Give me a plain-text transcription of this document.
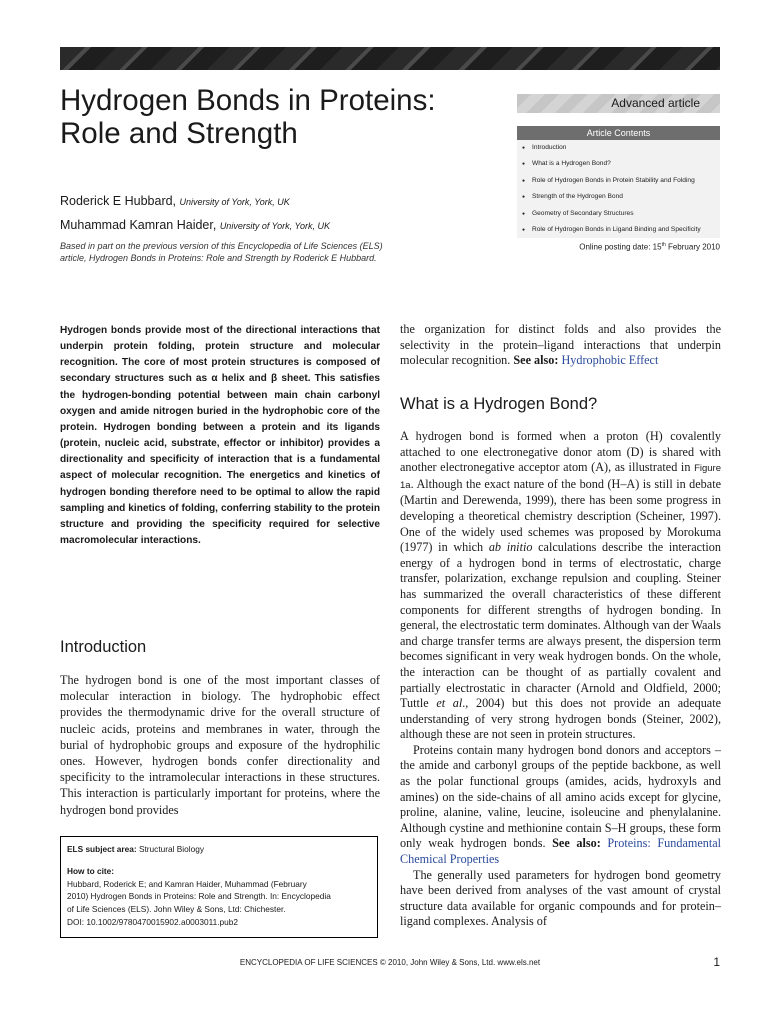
Hydrogen Bonds in Proteins: Role and Strength
Roderick E Hubbard, University of York, York, UK
Muhammad Kamran Haider, University of York, York, UK
Based in part on the previous version of this Encyclopedia of Life Sciences (ELS) article, Hydrogen Bonds in Proteins: Role and Strength by Roderick E Hubbard.
Advanced article
Article Contents
● Introduction
● What is a Hydrogen Bond?
● Role of Hydrogen Bonds in Protein Stability and Folding
● Strength of the Hydrogen Bond
● Geometry of Secondary Structures
● Role of Hydrogen Bonds in Ligand Binding and Specificity
Online posting date: 15th February 2010

Hydrogen bonds provide most of the directional interactions that underpin protein folding, protein structure and molecular recognition. The core of most protein structures is composed of secondary structures such as α helix and β sheet. This satisfies the hydrogen-bonding potential between main chain carbonyl oxygen and amide nitrogen buried in the hydrophobic core of the protein. Hydrogen bonding between a protein and its ligands (protein, nucleic acid, substrate, effector or inhibitor) provides a directionality and specificity of interaction that is a fundamental aspect of molecular recognition. The energetics and kinetics of hydrogen bonding therefore need to be optimal to allow the rapid sampling and kinetics of folding, conferring stability to the protein structure and providing the specificity required for selective macromolecular interactions.

Introduction

The hydrogen bond is one of the most important classes of molecular interaction in biology. The hydrophobic effect provides the thermodynamic drive for the overall structure of nucleic acids, proteins and membranes in water, through the burial of hydrophobic groups and exposure of the hydrophilic ones. However, hydrogen bonds confer directionality and specificity to the intramolecular interactions in these structures. This interaction is particularly important for proteins, where the hydrogen bond provides

ELS subject area: Structural Biology

How to cite:

Hubbard, Roderick E; and Kamran Haider, Muhammad (February

2010) Hydrogen Bonds in Proteins: Role and Strength. In: Encyclopedia

of Life Sciences (ELS). John Wiley & Sons, Ltd: Chichester.

DOI: 10.1002/9780470015902.a0003011.pub2

the organization for distinct folds and also provides the selectivity in the protein–ligand interactions that underpin molecular recognition. See also: Hydrophobic Effect

What is a Hydrogen Bond?

A hydrogen bond is formed when a proton (H) covalently attached to one electronegative donor atom (D) is shared with another electronegative acceptor atom (A), as illustrated in Figure 1a. Although the exact nature of the bond (H–A) is still in debate (Martin and Derewenda, 1999), there has been some progress in developing a theoretical chemistry description (Scheiner, 1997). One of the widely used schemes was proposed by Morokuma (1977) in which ab initio calculations describe the interaction energy of a hydrogen bond in terms of electrostatic, charge transfer, polarization, exchange repulsion and coupling. Steiner has summarized the overall characteristics of these different components for different strengths of hydrogen bonding. In general, the electrostatic term dominates. Although van der Waals and charge transfer terms are always present, the dispersion term becomes significant in very weak hydrogen bonds. On the whole, the interaction can be thought of as partially covalent and partially electrostatic in character (Arnold and Oldfield, 2000; Tuttle et al., 2004) but this does not provide an adequate understanding of very strong hydrogen bonds (Steiner, 2002), although these are not seen in protein structures.

Proteins contain many hydrogen bond donors and acceptors – the amide and carbonyl groups of the peptide backbone, as well as the polar functional groups (amides, acids, hydroxyls and amines) on the side-chains of all amino acids except for glycine, proline, alanine, valine, leucine, isoleucine and phenylalanine. Although cystine and methionine contain S–H groups, these form only weak hydrogen bonds. See also: Proteins: Fundamental Chemical Properties

The generally used parameters for hydrogen bond geometry have been derived from analyses of the vast amount of crystal structure data available for organic compounds and for protein–ligand complexes. Analysis of

ENCYCLOPEDIA OF LIFE SCIENCES © 2010, John Wiley & Sons, Ltd. www.els.net	1
